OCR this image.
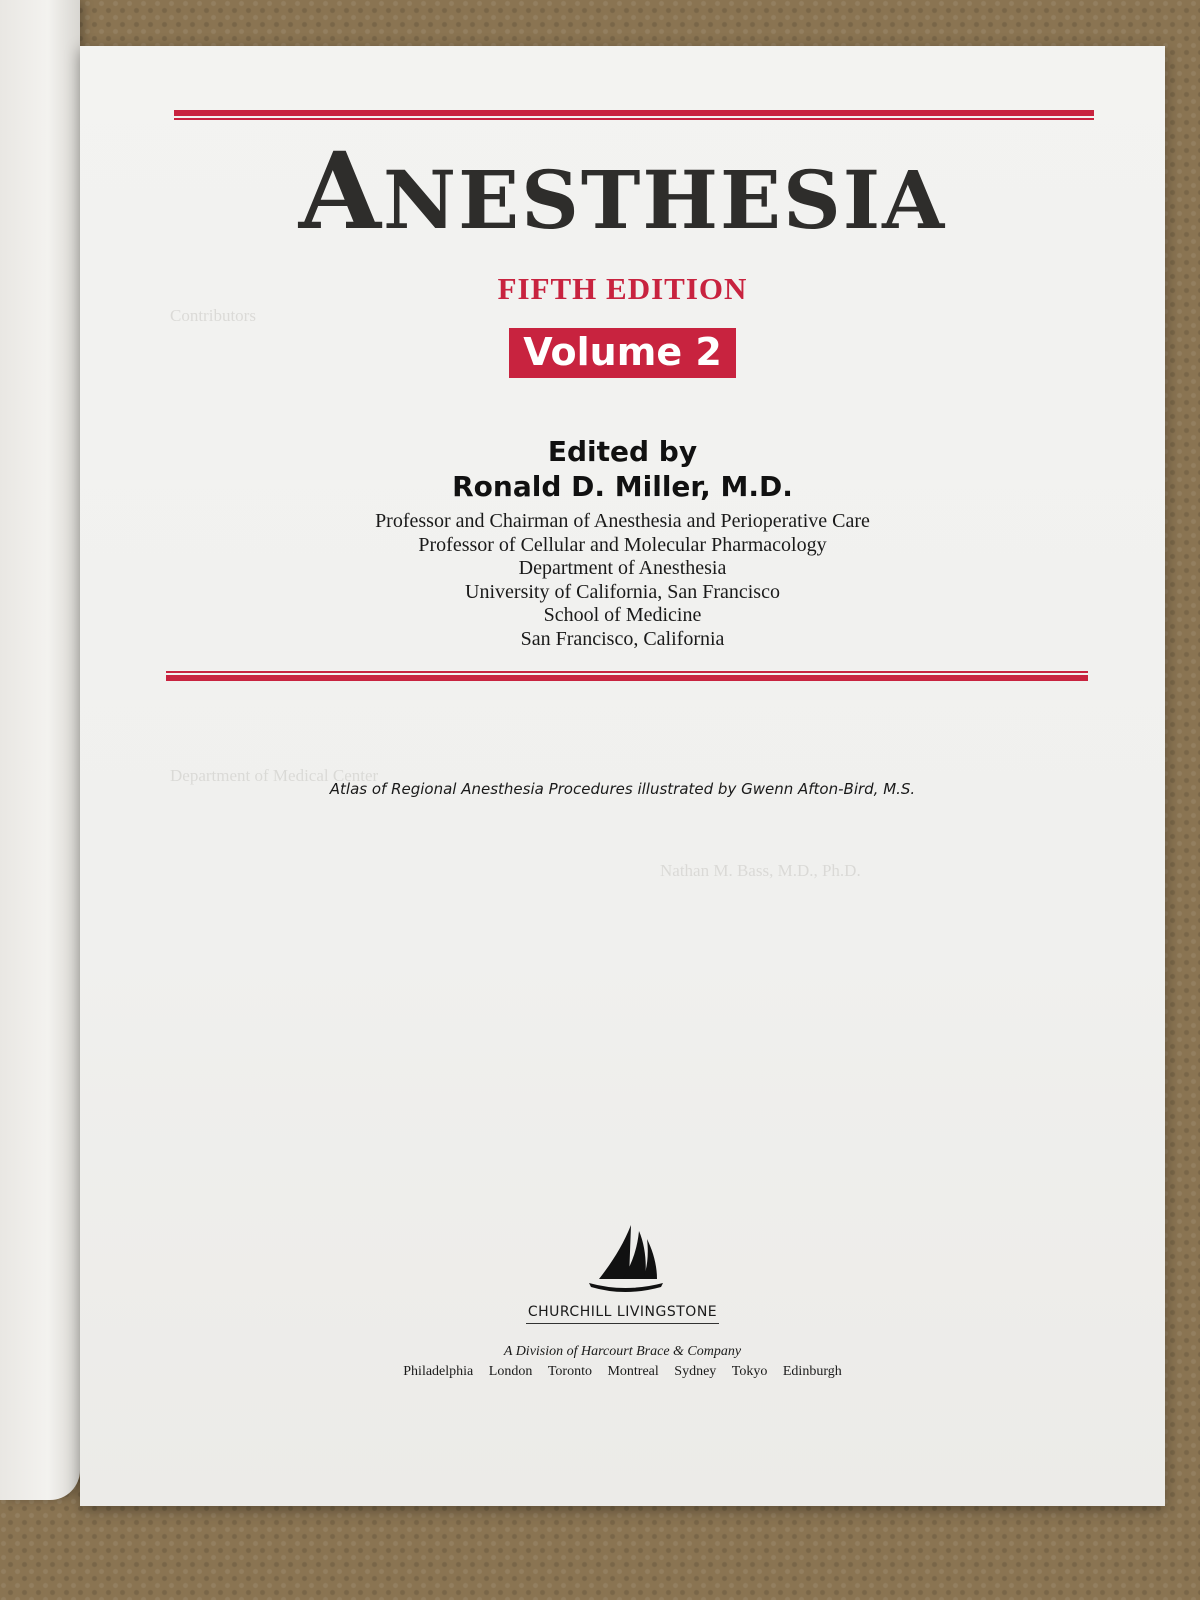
Contributors
Department of Medical Center
Nathan M. Bass, M.D., Ph.D.
ANESTHESIA
FIFTH EDITION
Volume 2
Edited by
Ronald D. Miller, M.D.
Professor and Chairman of Anesthesia and Perioperative Care
Professor of Cellular and Molecular Pharmacology
Department of Anesthesia
University of California, San Francisco
School of Medicine
San Francisco, California
Atlas of Regional Anesthesia Procedures illustrated by Gwenn Afton-Bird, M.S.
CHURCHILL LIVINGSTONE
A Division of Harcourt Brace & Company
Philadelphia London Toronto Montreal Sydney Tokyo Edinburgh
